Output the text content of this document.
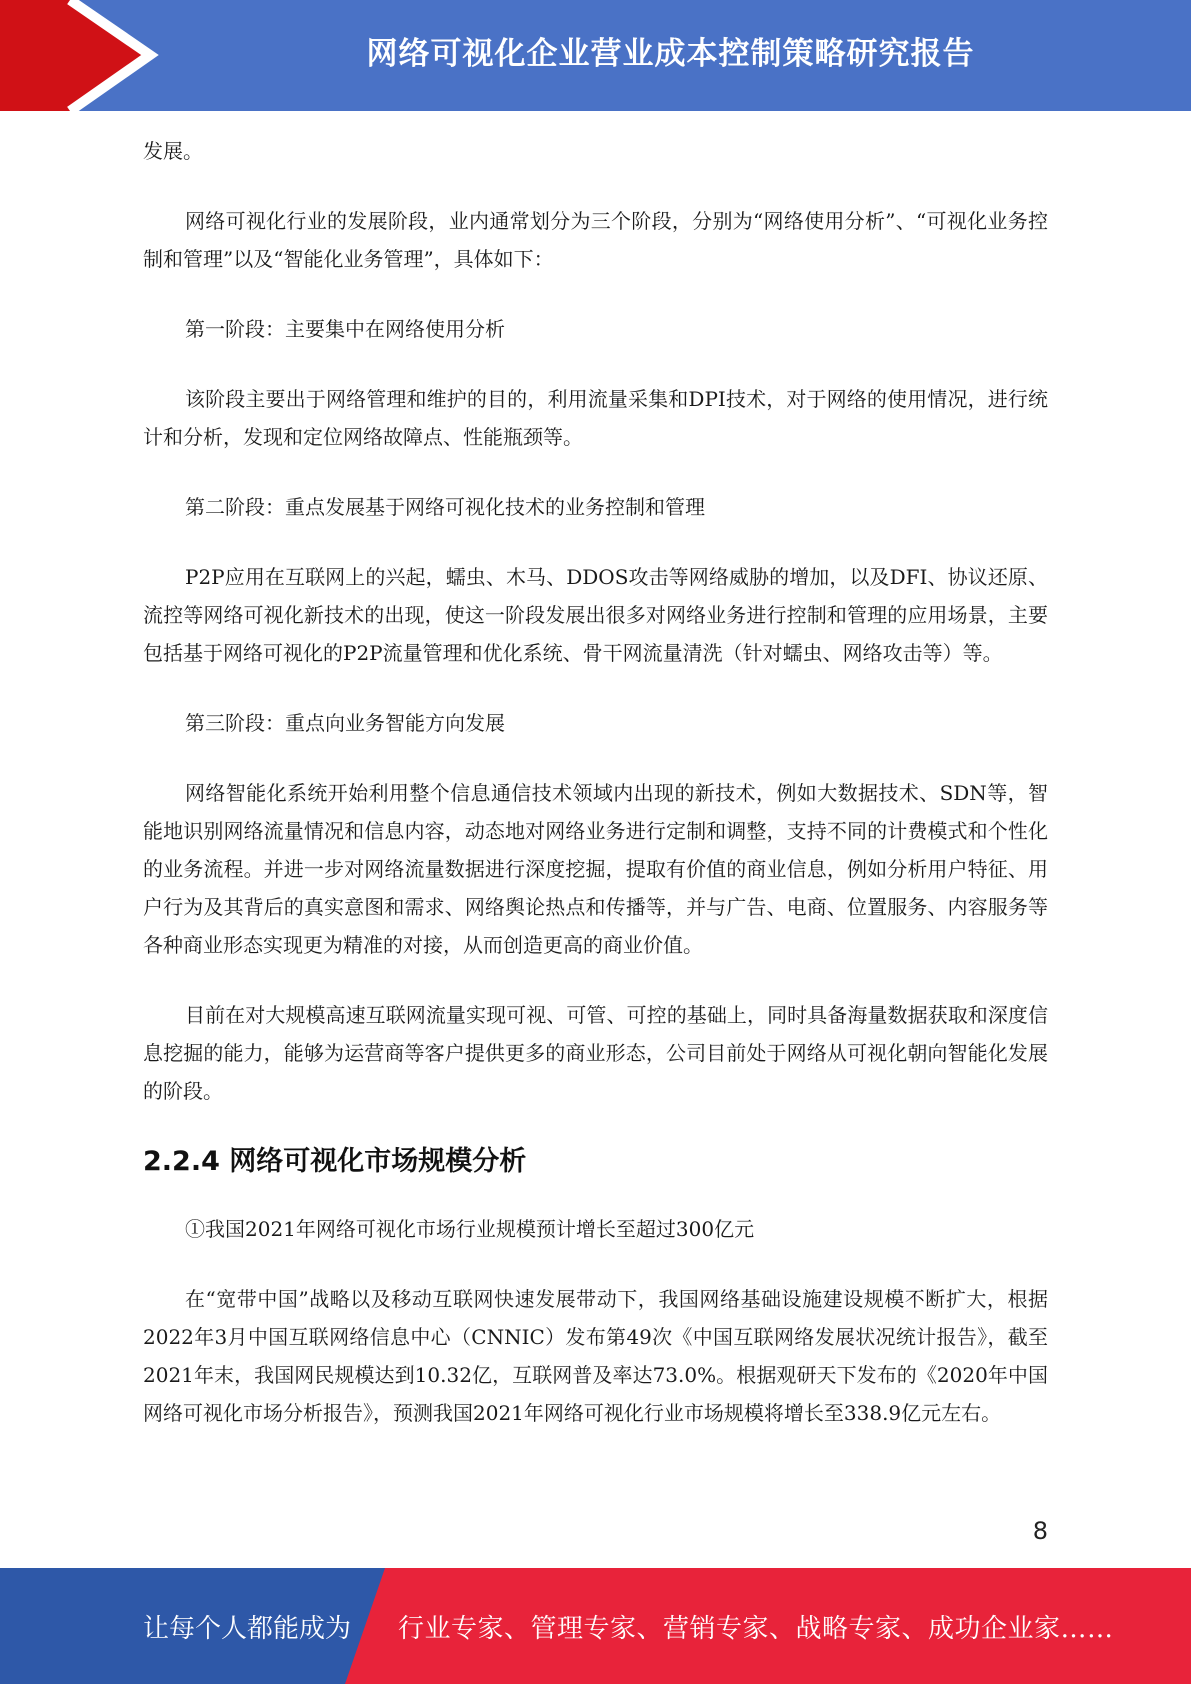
网络可视化企业营业成本控制策略研究报告

发展。

网络可视化行业的发展阶段，业内通常划分为三个阶段，分别为“网络使用分析”、“可视化业务控制和管理”以及“智能化业务管理”，具体如下：

第一阶段：主要集中在网络使用分析

该阶段主要出于网络管理和维护的目的，利用流量采集和DPI技术，对于网络的使用情况，进行统计和分析，发现和定位网络故障点、性能瓶颈等。

第二阶段：重点发展基于网络可视化技术的业务控制和管理

P2P应用在互联网上的兴起，蠕虫、木马、DDOS攻击等网络威胁的增加，以及DFI、协议还原、流控等网络可视化新技术的出现，使这一阶段发展出很多对网络业务进行控制和管理的应用场景，主要包括基于网络可视化的P2P流量管理和优化系统、骨干网流量清洗（针对蠕虫、网络攻击等）等。

第三阶段：重点向业务智能方向发展

网络智能化系统开始利用整个信息通信技术领域内出现的新技术，例如大数据技术、SDN等，智能地识别网络流量情况和信息内容，动态地对网络业务进行定制和调整，支持不同的计费模式和个性化的业务流程。并进一步对网络流量数据进行深度挖掘，提取有价值的商业信息，例如分析用户特征、用户行为及其背后的真实意图和需求、网络舆论热点和传播等，并与广告、电商、位置服务、内容服务等各种商业形态实现更为精准的对接，从而创造更高的商业价值。

目前在对大规模高速互联网流量实现可视、可管、可控的基础上，同时具备海量数据获取和深度信息挖掘的能力，能够为运营商等客户提供更多的商业形态，公司目前处于网络从可视化朝向智能化发展的阶段。

2.2.4 网络可视化市场规模分析

①我国2021年网络可视化市场行业规模预计增长至超过300亿元

在“宽带中国”战略以及移动互联网快速发展带动下，我国网络基础设施建设规模不断扩大，根据2022年3月中国互联网络信息中心（CNNIC）发布第49次《中国互联网络发展状况统计报告》，截至2021年末，我国网民规模达到10.32亿，互联网普及率达73.0%。根据观研天下发布的《2020年中国网络可视化市场分析报告》，预测我国2021年网络可视化行业市场规模将增长至338.9亿元左右。

8
让每个人都能成为 行业专家、管理专家、营销专家、战略专家、成功企业家……
